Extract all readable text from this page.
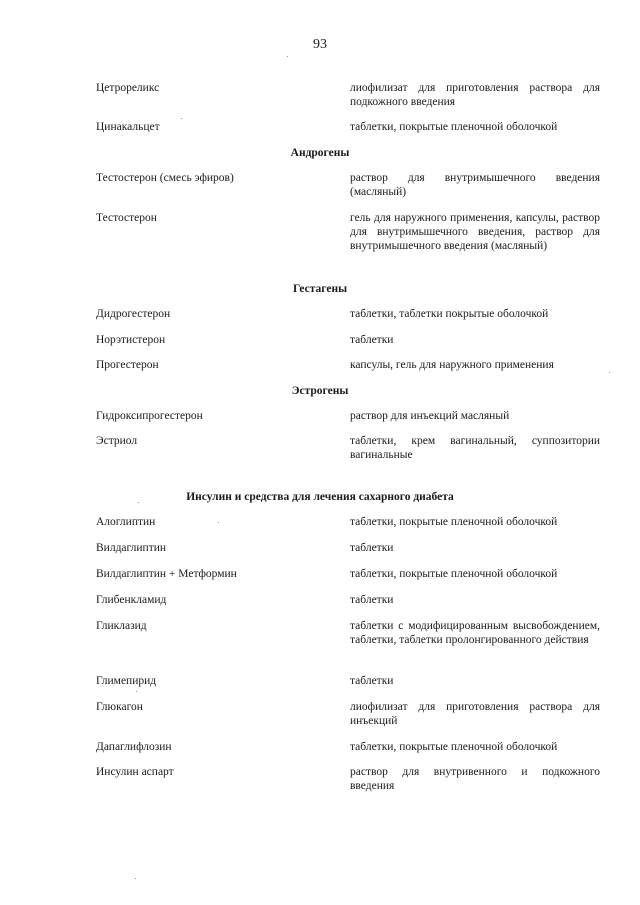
93
Цетрореликс	лиофилизат для приготовления раствора для подкожного введения
Цинакальцет	таблетки, покрытые пленочной оболочкой
Андрогены
Тестостерон (смесь эфиров)	раствор для внутримышечного введения (масляный)
Тестостерон	гель для наружного применения, капсулы, раствор для внутримышечного введения, раствор для внутримышечного введения (масляный)
Гестагены
Дидрогестерон	таблетки, таблетки покрытые оболочкой
Норэтистерон	таблетки
Прогестерон	капсулы, гель для наружного применения
Эстрогены
Гидроксипрогестерон	раствор для инъекций масляный
Эстриол	таблетки, крем вагинальный, суппозитории вагинальные
Инсулин и средства для лечения сахарного диабета
Алоглиптин	таблетки, покрытые пленочной оболочкой
Вилдаглиптин	таблетки
Вилдаглиптин + Метформин	таблетки, покрытые пленочной оболочкой
Глибенкламид	таблетки
Гликлазид	таблетки с модифицированным высвобождением, таблетки, таблетки пролонгированного действия
Глимепирид	таблетки
Глюкагон	лиофилизат для приготовления раствора для инъекций
Дапаглифлозин	таблетки, покрытые пленочной оболочкой
Инсулин аспарт	раствор для внутривенного и подкожного введения
